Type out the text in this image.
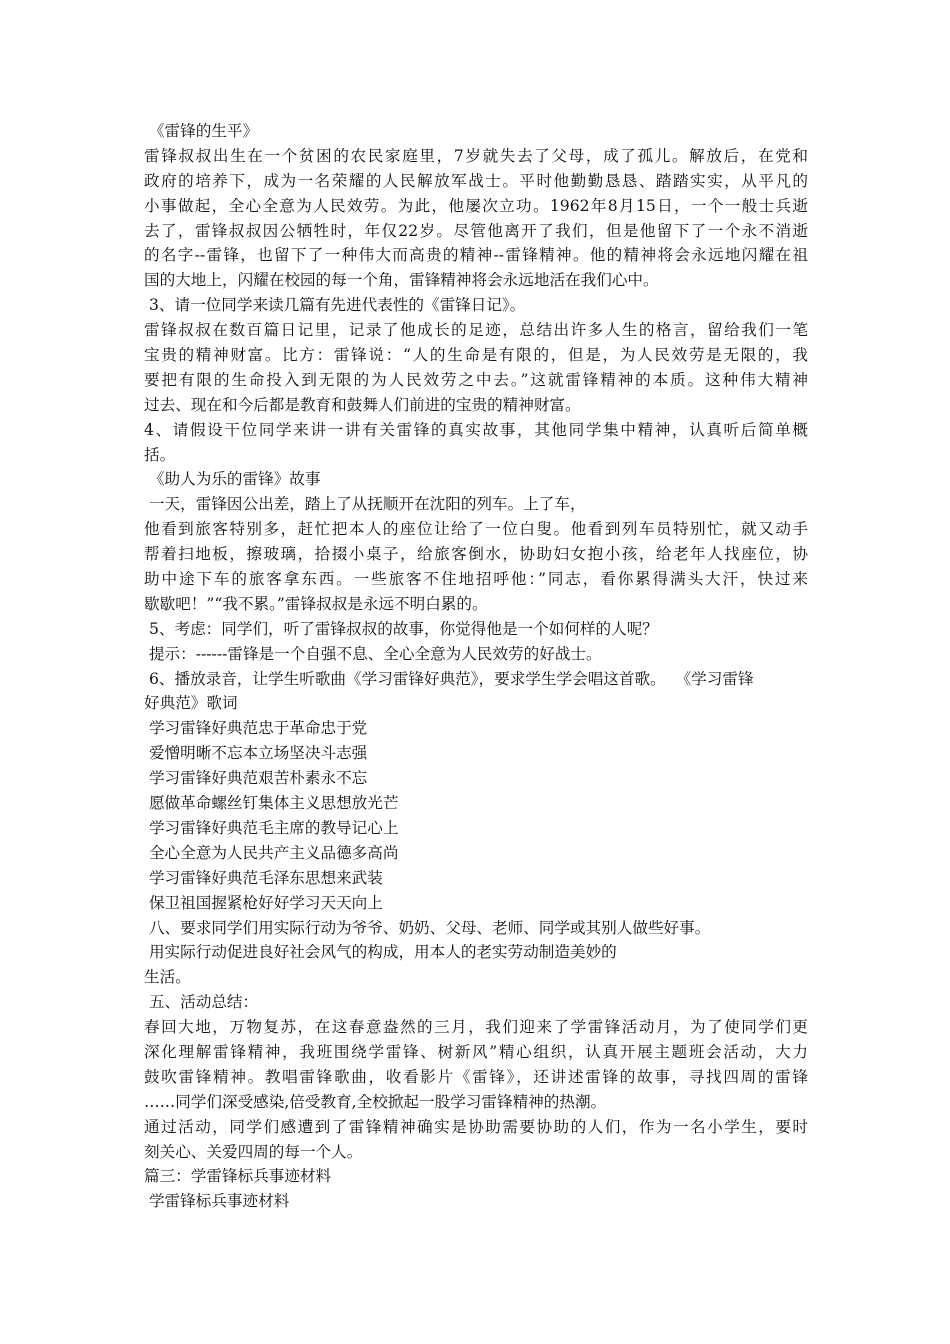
《雷锋的生平》
雷锋叔叔出生在一个贫困的农民家庭里，7岁就失去了父母，成了孤儿。解放后，在党和
政府的培养下，成为一名荣耀的人民解放军战士。平时他勤勤恳恳、踏踏实实，从平凡的
小事做起，全心全意为人民效劳。为此，他屡次立功。1962年8月15日，一个一般士兵逝
去了，雷锋叔叔因公牺牲时，年仅22岁。尽管他离开了我们，但是他留下了一个永不消逝
的名字--雷锋，也留下了一种伟大而高贵的精神--雷锋精神。他的精神将会永远地闪耀在祖
国的大地上，闪耀在校园的每一个角，雷锋精神将会永远地活在我们心中。
3、请一位同学来读几篇有先进代表性的《雷锋日记》。
雷锋叔叔在数百篇日记里，记录了他成长的足迹，总结出许多人生的格言，留给我们一笔
宝贵的精神财富。比方：雷锋说：“人的生命是有限的，但是，为人民效劳是无限的，我
要把有限的生命投入到无限的为人民效劳之中去。”这就雷锋精神的本质。这种伟大精神
过去、现在和今后都是教育和鼓舞人们前进的宝贵的精神财富。
4、请假设干位同学来讲一讲有关雷锋的真实故事，其他同学集中精神，认真听后简单概
括。
《助人为乐的雷锋》故事
一天，雷锋因公出差，踏上了从抚顺开在沈阳的列车。上了车，
他看到旅客特别多，赶忙把本人的座位让给了一位白叟。他看到列车员特别忙，就又动手
帮着扫地板，擦玻璃，拾掇小桌子，给旅客倒水，协助妇女抱小孩，给老年人找座位，协
助中途下车的旅客拿东西。一些旅客不住地招呼他：”同志，看你累得满头大汗，快过来
歇歇吧！”“我不累。”雷锋叔叔是永远不明白累的。
5、考虑：同学们，听了雷锋叔叔的故事，你觉得他是一个如何样的人呢？
提示：------雷锋是一个自强不息、全心全意为人民效劳的好战士。
6、播放录音，让学生听歌曲《学习雷锋好典范》，要求学生学会唱这首歌。  《学习雷锋
好典范》歌词
学习雷锋好典范忠于革命忠于党
爱憎明晰不忘本立场坚决斗志强
学习雷锋好典范艰苦朴素永不忘
愿做革命螺丝钉集体主义思想放光芒
学习雷锋好典范毛主席的教导记心上
全心全意为人民共产主义品德多高尚
学习雷锋好典范毛泽东思想来武装
保卫祖国握紧枪好好学习天天向上
八、要求同学们用实际行动为爷爷、奶奶、父母、老师、同学或其别人做些好事。
用实际行动促进良好社会风气的构成，用本人的老实劳动制造美妙的
生活。
五、活动总结：
春回大地，万物复苏，在这春意盎然的三月，我们迎来了学雷锋活动月，为了使同学们更
深化理解雷锋精神，我班围绕学雷锋、树新风”精心组织，认真开展主题班会活动，大力
鼓吹雷锋精神。教唱雷锋歌曲，收看影片《雷锋》，还讲述雷锋的故事，寻找四周的雷锋
……同学们深受感染,倍受教育,全校掀起一股学习雷锋精神的热潮。
通过活动，同学们感遭到了雷锋精神确实是协助需要协助的人们，作为一名小学生，要时
刻关心、关爱四周的每一个人。
篇三：学雷锋标兵事迹材料
学雷锋标兵事迹材料
